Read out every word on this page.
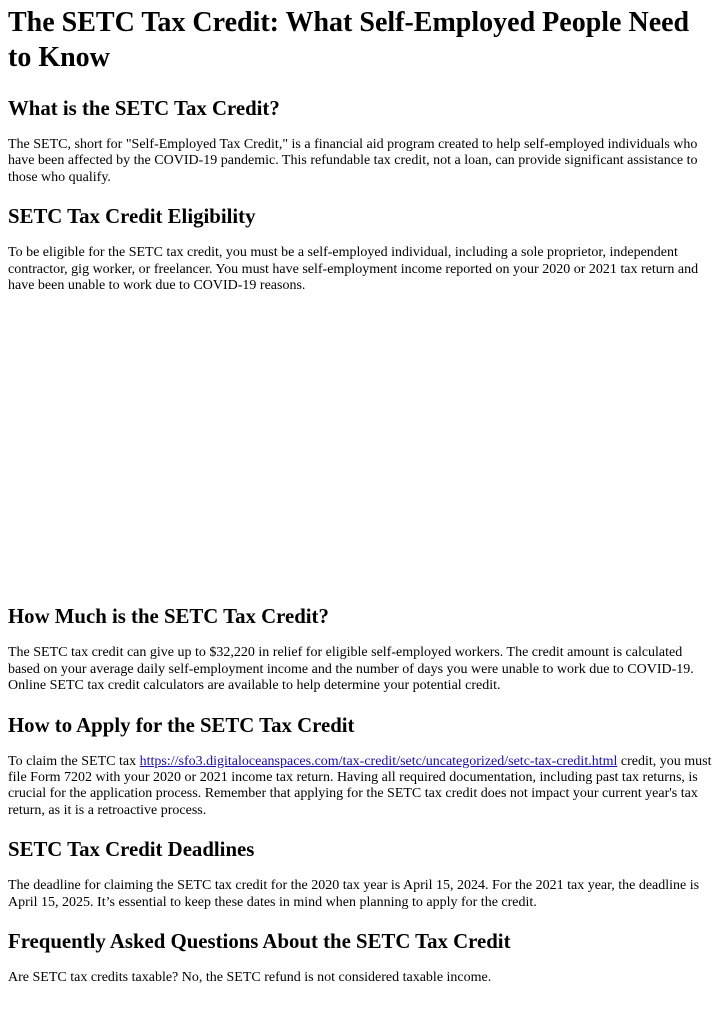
The SETC Tax Credit: What Self-Employed People Need to Know
What is the SETC Tax Credit?

The SETC, short for "Self-Employed Tax Credit," is a financial aid program created to help self-employed individuals who have been affected by the COVID-19 pandemic. This refundable tax credit, not a loan, can provide significant assistance to those who qualify.

SETC Tax Credit Eligibility

To be eligible for the SETC tax credit, you must be a self-employed individual, including a sole proprietor, independent contractor, gig worker, or freelancer. You must have self-employment income reported on your 2020 or 2021 tax return and have been unable to work due to COVID-19 reasons.

How Much is the SETC Tax Credit?

The SETC tax credit can give up to $32,220 in relief for eligible self-employed workers. The credit amount is calculated based on your average daily self-employment income and the number of days you were unable to work due to COVID-19. Online SETC tax credit calculators are available to help determine your potential credit.

How to Apply for the SETC Tax Credit

To claim the SETC tax https://sfo3.digitaloceanspaces.com/tax-credit/setc/uncategorized/setc-tax-credit.html credit, you must file Form 7202 with your 2020 or 2021 income tax return. Having all required documentation, including past tax returns, is crucial for the application process. Remember that applying for the SETC tax credit does not impact your current year's tax return, as it is a retroactive process.

SETC Tax Credit Deadlines

The deadline for claiming the SETC tax credit for the 2020 tax year is April 15, 2024. For the 2021 tax year, the deadline is April 15, 2025. It’s essential to keep these dates in mind when planning to apply for the credit.

Frequently Asked Questions About the SETC Tax Credit

Are SETC tax credits taxable? No, the SETC refund is not considered taxable income.
